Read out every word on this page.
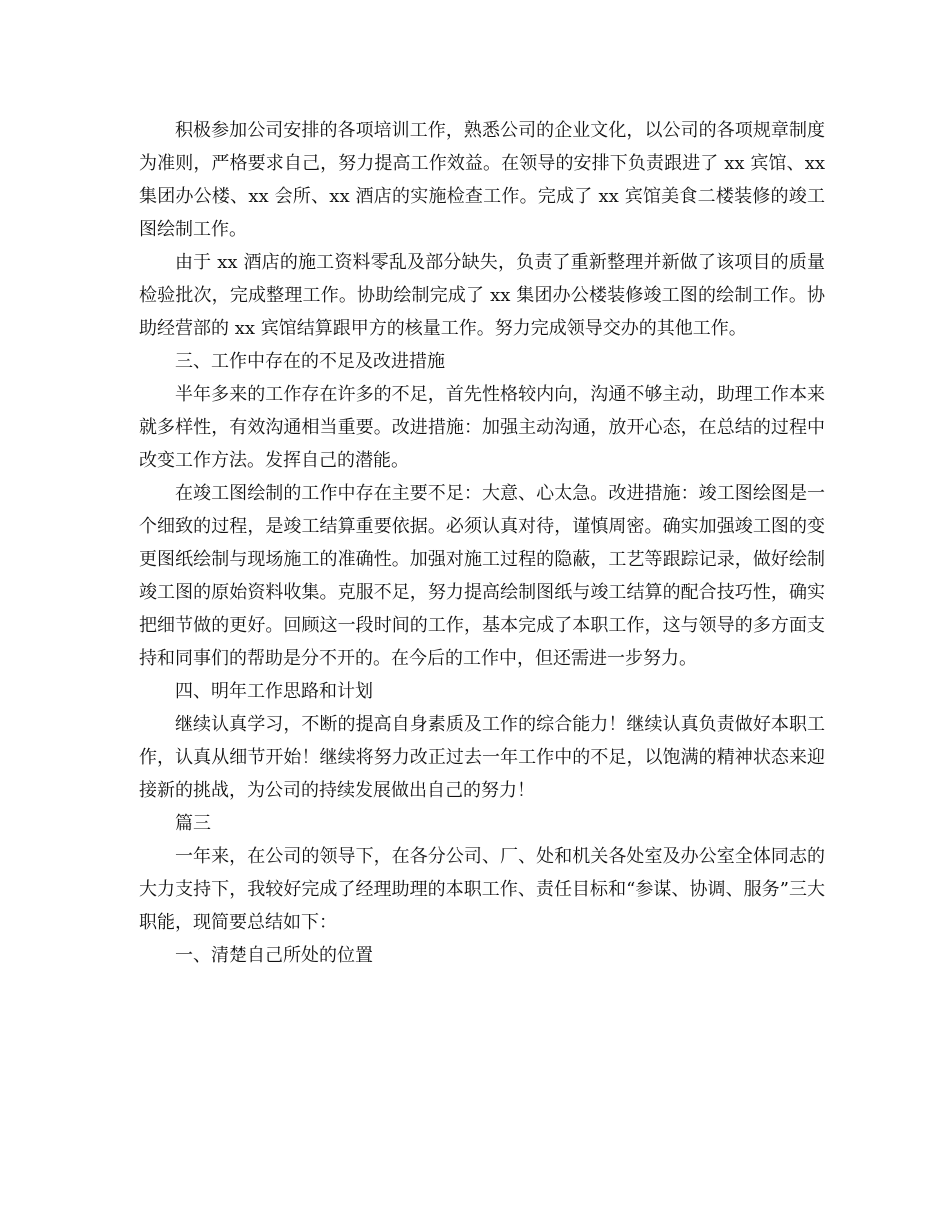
积极参加公司安排的各项培训工作，熟悉公司的企业文化，以公司的各项规章制度为准则，严格要求自己，努力提高工作效益。在领导的安排下负责跟进了 xx 宾馆、xx 集团办公楼、xx 会所、xx 酒店的实施检查工作。完成了 xx 宾馆美食二楼装修的竣工图绘制工作。

由于 xx 酒店的施工资料零乱及部分缺失，负责了重新整理并新做了该项目的质量检验批次，完成整理工作。协助绘制完成了 xx 集团办公楼装修竣工图的绘制工作。协助经营部的 xx 宾馆结算跟甲方的核量工作。努力完成领导交办的其他工作。

三、工作中存在的不足及改进措施

半年多来的工作存在许多的不足，首先性格较内向，沟通不够主动，助理工作本来就多样性，有效沟通相当重要。改进措施：加强主动沟通，放开心态，在总结的过程中改变工作方法。发挥自己的潜能。

在竣工图绘制的工作中存在主要不足：大意、心太急。改进措施：竣工图绘图是一个细致的过程，是竣工结算重要依据。必须认真对待，谨慎周密。确实加强竣工图的变更图纸绘制与现场施工的准确性。加强对施工过程的隐蔽，工艺等跟踪记录，做好绘制竣工图的原始资料收集。克服不足，努力提高绘制图纸与竣工结算的配合技巧性，确实把细节做的更好。回顾这一段时间的工作，基本完成了本职工作，这与领导的多方面支持和同事们的帮助是分不开的。在今后的工作中，但还需进一步努力。

四、明年工作思路和计划

继续认真学习，不断的提高自身素质及工作的综合能力！继续认真负责做好本职工作，认真从细节开始！继续将努力改正过去一年工作中的不足，以饱满的精神状态来迎接新的挑战，为公司的持续发展做出自己的努力！

篇三

一年来，在公司的领导下，在各分公司、厂、处和机关各处室及办公室全体同志的大力支持下，我较好完成了经理助理的本职工作、责任目标和“参谋、协调、服务”三大职能，现简要总结如下：

一、清楚自己所处的位置
